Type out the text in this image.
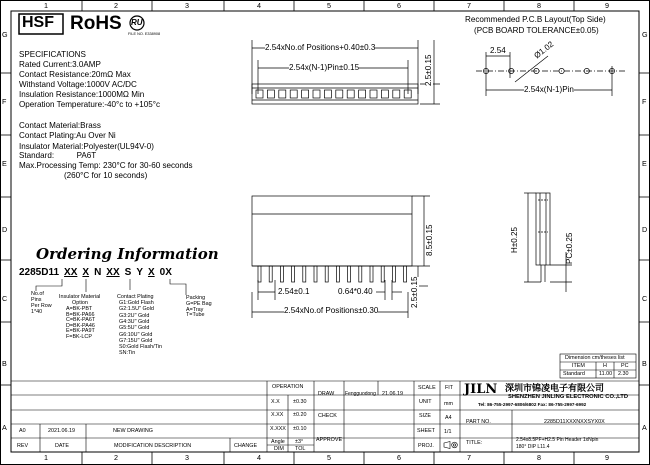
1	2	3	4	5	6	7	8	9
1	2	3	4	5	6	7	8	9
G
F
E
D
C
B
A
G
F
E
D
C
B
A
HSF RoHS RU
FILE NO. E338908
SPECIFICATIONS
Rated Current:3.0AMP
Contact Resistance:20mΩ Max
Withstand Voltage:1000V AC/DC
Insulation Resistance:1000MΩ Min
Operation Temperature:-40°c to +105°c
Contact Material:Brass
Contact Plating:Au Over Ni
Insulator Material:Polyester(UL94V-0)
Standard:          PA6T
Max.Processing Temp: 230°C for 30-60 seconds
(260°C for 10 seconds)
Ordering Information
2285D11 XX X N XX S Y X 0X
No.of
Pins
Per Row
1*40
Insulator Material
Option
A=BK-PBT
B=BK-PA66
C=BK-PA6T
D=BK-PA46
E=BK-PA9T
F=BK-LCP
Contact Plating
G1:Gold Flash
G2:1.5U" Gold
G3:2U" Gold
G4:3U" Gold
G5:5U" Gold
G6:10U" Gold
G7:15U" Gold
S0:Gold Flash/Tin
SN:Tin
Packing
G=PE Bag
A=Tray
T=Tube
Recommended P.C.B Layout(Top Side)
(PCB BOARD TOLERANCE±0.05)
2.54	Ø1.02
2.54x(N-1)Pin
2.54xNo.of Positions+0.40±0.3
2.54x(N-1)Pin±0.15	2.5±0.15
8.5±0.15
2.5±0.15
2.54±0.1	0.64*0.40
2.54xNo.of Positions±0.30
H±0.25	PC±0.25
Dimension cm/theses list
ITEM	H	PC
Standard	11.00 2.30
OPERATION
X.X ±0.30
X.XX ±0.20
X.XXX ±0.10
Angle ±3°
DIM TOL
DRAW Fengguodong 21.06.19
CHECK
APPROVE
SCALE FIT
UNIT mm
SIZE	A4
SHEET 1/1
PROJ.
JILN 深圳市锦凌电子有限公司
SHENZHEN JINLING ELECTRONIC CO.,LTD
Tel: 86-755-2997-6806/6802 Fax: 86-755-2997-6992
PART NO.	2285D11XXXNXXSYX0X
TITLE:	2.54x8.5PF+H2.5 Pin Header 1xNpin
180° DIP L11.4
A0	2021.06.19	NEW DRAWING
REV	DATE	MODIFICATION DESCRIPTION	CHANGE
